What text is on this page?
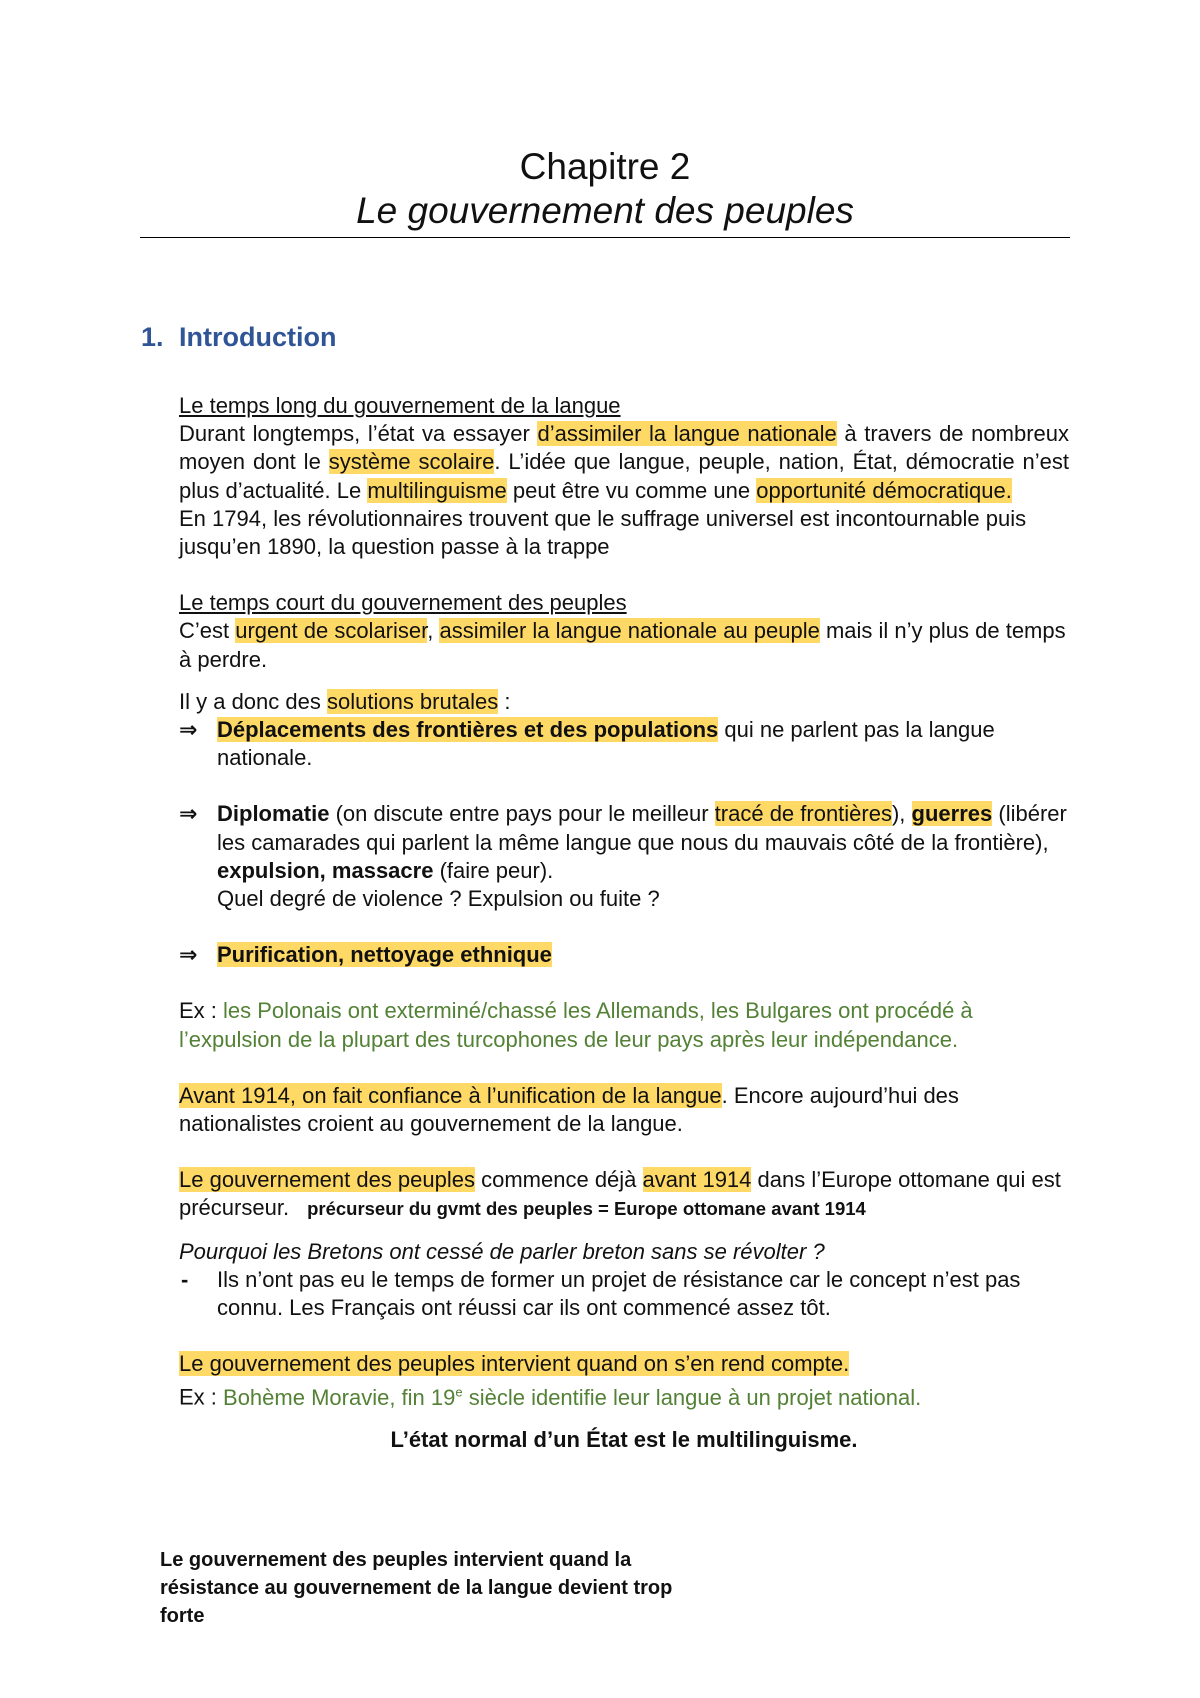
Chapitre 2
Le gouvernement des peuples
1. Introduction

Le temps long du gouvernement de la langue

Durant longtemps, l’état va essayer d’assimiler la langue nationale à travers de nombreux moyen dont le système scolaire. L’idée que langue, peuple, nation, État, démocratie n’est plus d’actualité. Le multilinguisme peut être vu comme une opportunité démocratique.

En 1794, les révolutionnaires trouvent que le suffrage universel est incontournable puis jusqu’en 1890, la question passe à la trappe

Le temps court du gouvernement des peuples

C’est urgent de scolariser, assimiler la langue nationale au peuple mais il n’y plus de temps à perdre.

Il y a donc des solutions brutales :

⇒ Déplacements des frontières et des populations qui ne parlent pas la langue nationale.

⇒ Diplomatie (on discute entre pays pour le meilleur tracé de frontières), guerres (libérer les camarades qui parlent la même langue que nous du mauvais côté de la frontière), expulsion, massacre (faire peur).
Quel degré de violence ? Expulsion ou fuite ?

⇒ Purification, nettoyage ethnique

Ex : les Polonais ont exterminé/chassé les Allemands, les Bulgares ont procédé à l’expulsion de la plupart des turcophones de leur pays après leur indépendance.

Avant 1914, on fait confiance à l’unification de la langue. Encore aujourd’hui des nationalistes croient au gouvernement de la langue.

Le gouvernement des peuples commence déjà avant 1914 dans l’Europe ottomane qui est précurseur. précurseur du gvmt des peuples = Europe ottomane avant 1914

Pourquoi les Bretons ont cessé de parler breton sans se révolter ?

- Ils n’ont pas eu le temps de former un projet de résistance car le concept n’est pas connu. Les Français ont réussi car ils ont commencé assez tôt.

Le gouvernement des peuples intervient quand on s’en rend compte.

Ex : Bohème Moravie, fin 19e siècle identifie leur langue à un projet national.

L’état normal d’un État est le multilinguisme.

Le gouvernement des peuples intervient quand la résistance au gouvernement de la langue devient trop forte
